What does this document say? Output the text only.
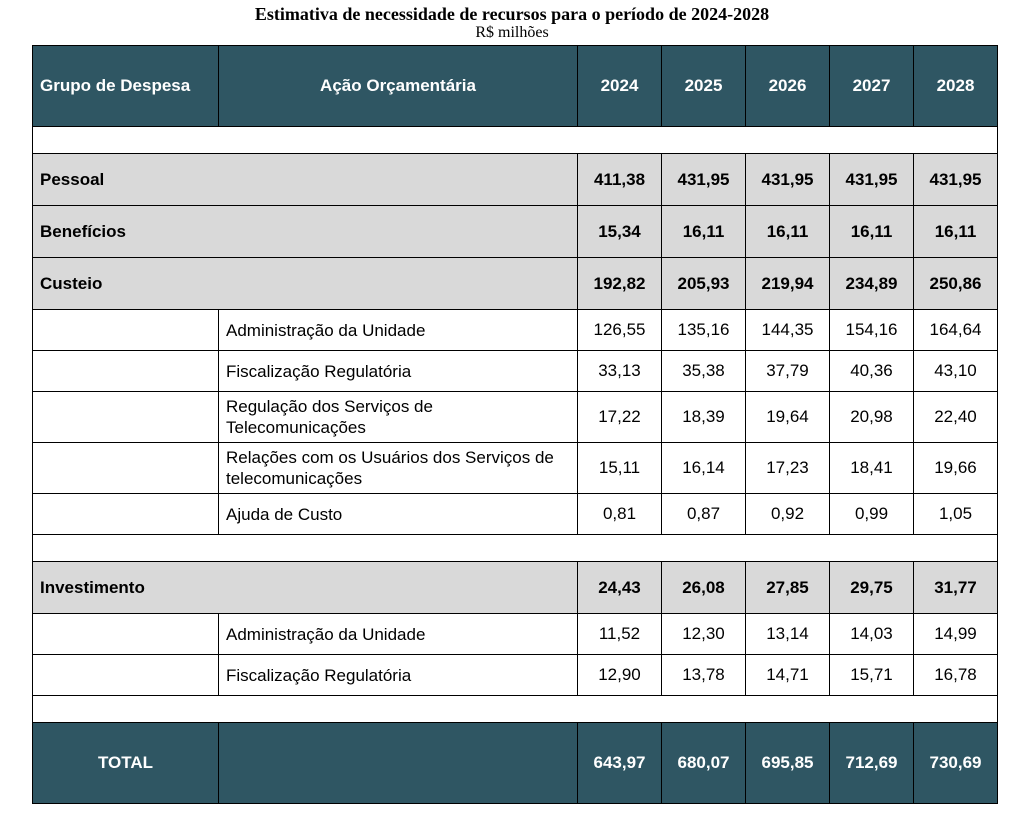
Estimativa de necessidade de recursos para o período de 2024-2028
R$ milhões
Grupo de Despesa	Ação Orçamentária	2024	2025	2026	2027	2028

Pessoal		411,38	431,95	431,95	431,95	431,95
Benefícios		15,34	16,11	16,11	16,11	16,11
Custeio		192,82	205,93	219,94	234,89	250,86
	Administração da Unidade	126,55	135,16	144,35	154,16	164,64
	Fiscalização Regulatória	33,13	35,38	37,79	40,36	43,10
	Regulação dos Serviços de Telecomunicações	17,22	18,39	19,64	20,98	22,40
	Relações com os Usuários dos Serviços de telecomunicações	15,11	16,14	17,23	18,41	19,66
	Ajuda de Custo	0,81	0,87	0,92	0,99	1,05

Investimento		24,43	26,08	27,85	29,75	31,77
	Administração da Unidade	11,52	12,30	13,14	14,03	14,99
	Fiscalização Regulatória	12,90	13,78	14,71	15,71	16,78

TOTAL		643,97	680,07	695,85	712,69	730,69
